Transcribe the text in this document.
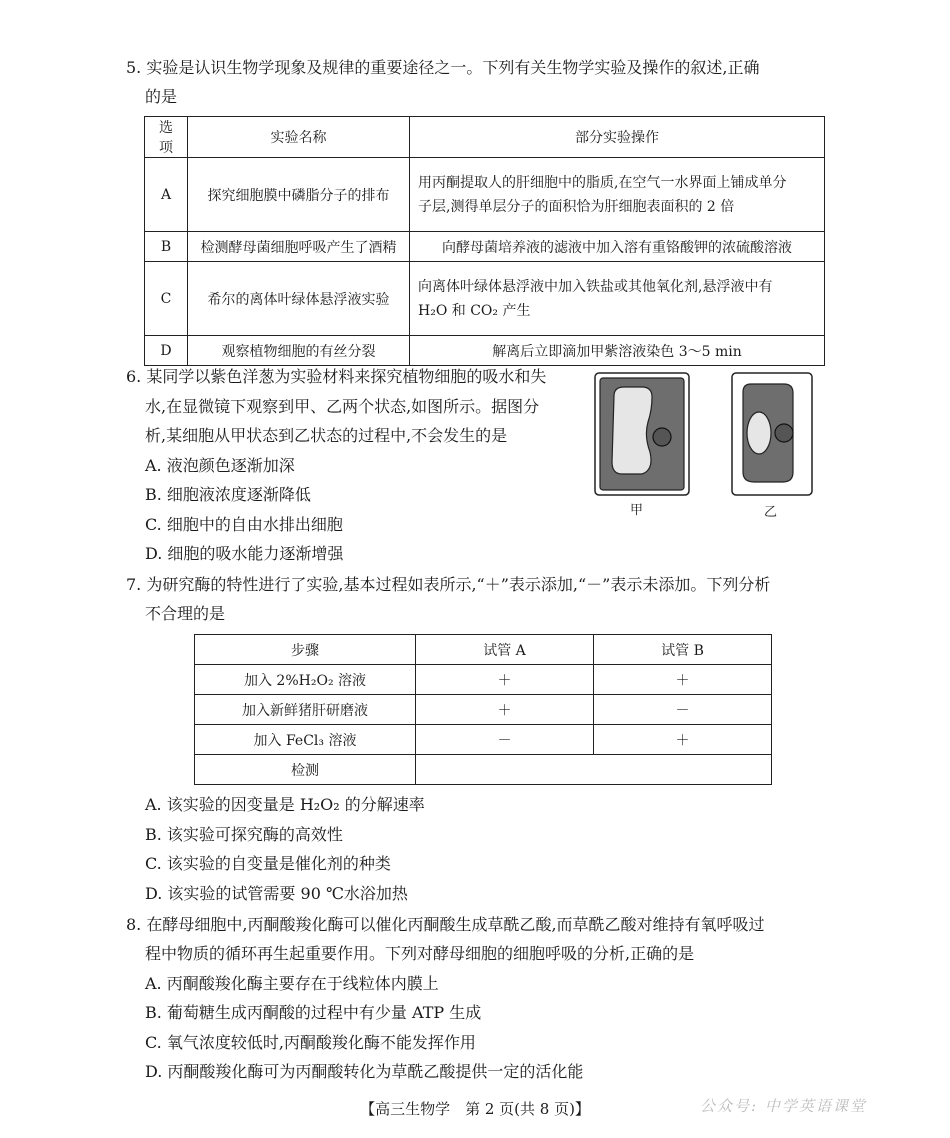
5. 实验是认识生物学现象及规律的重要途径之一。下列有关生物学实验及操作的叙述,正确
的是
选项	实验名称	部分实验操作
A	探究细胞膜中磷脂分子的排布	用丙酮提取人的肝细胞中的脂质,在空气一水界面上铺成单分
子层,测得单层分子的面积恰为肝细胞表面积的 2 倍

B	检测酵母菌细胞呼吸产生了酒精	向酵母菌培养液的滤液中加入溶有重铬酸钾的浓硫酸溶液
C	希尔的离体叶绿体悬浮液实验	向离体叶绿体悬浮液中加入铁盐或其他氧化剂,悬浮液中有
H₂O 和 CO₂ 产生

D	观察植物细胞的有丝分裂	解离后立即滴加甲紫溶液染色 3～5 min
6. 某同学以紫色洋葱为实验材料来探究植物细胞的吸水和失
水,在显微镜下观察到甲、乙两个状态,如图所示。据图分
析,某细胞从甲状态到乙状态的过程中,不会发生的是
A. 液泡颜色逐渐加深
B. 细胞液浓度逐渐降低
C. 细胞中的自由水排出细胞
D. 细胞的吸水能力逐渐增强
甲	乙
7. 为研究酶的特性进行了实验,基本过程如表所示,“＋”表示添加,“－”表示未添加。下列分析
不合理的是
步骤	试管 A	试管 B
加入 2%H₂O₂ 溶液	＋	＋
加入新鲜猪肝研磨液	＋	－
加入 FeCl₃ 溶液	－	＋
检测		
A. 该实验的因变量是 H₂O₂ 的分解速率
B. 该实验可探究酶的高效性
C. 该实验的自变量是催化剂的种类
D. 该实验的试管需要 90 ℃水浴加热
8. 在酵母细胞中,丙酮酸羧化酶可以催化丙酮酸生成草酰乙酸,而草酰乙酸对维持有氧呼吸过
程中物质的循环再生起重要作用。下列对酵母细胞的细胞呼吸的分析,正确的是
A. 丙酮酸羧化酶主要存在于线粒体内膜上
B. 葡萄糖生成丙酮酸的过程中有少量 ATP 生成
C. 氧气浓度较低时,丙酮酸羧化酶不能发挥作用
D. 丙酮酸羧化酶可为丙酮酸转化为草酰乙酸提供一定的活化能
【高三生物学　第 2 页(共 8 页)】	公众号: 中学英语课堂
